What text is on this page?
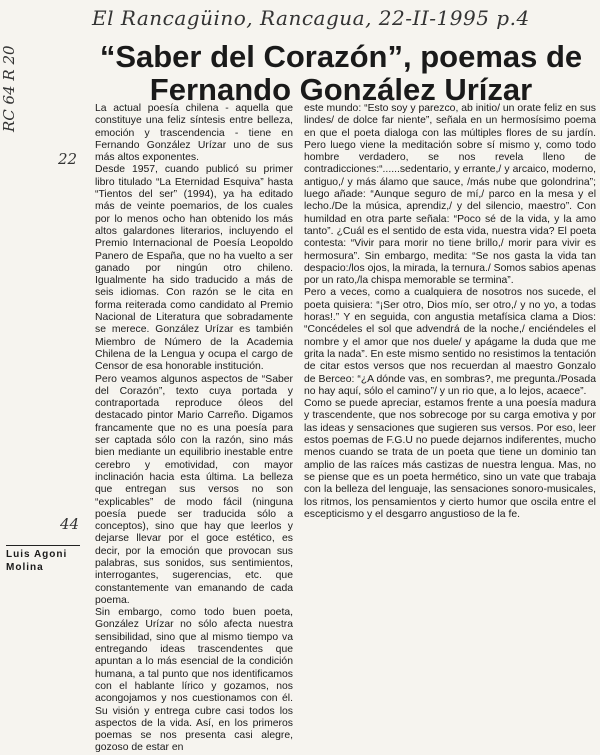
El Rancagüino, Rancagua, 22-II-1995 p.4
RC 64 R 20
22
44
“Saber del Corazón”, poemas de Fernando González Urízar

La actual poesía chilena - aquella que constituye una feliz síntesis entre belleza, emoción y trascendencia - tiene en Fernando González Urízar uno de sus más altos exponentes.

Desde 1957, cuando publicó su primer libro titulado “La Eternidad Esquiva” hasta “Tientos del ser” (1994), ya ha editado más de veinte poemarios, de los cuales por lo menos ocho han obtenido los más altos galardones literarios, incluyendo el Premio Internacional de Poesía Leopoldo Panero de España, que no ha vuelto a ser ganado por ningún otro chileno. Igualmente ha sido traducido a más de seis idiomas. Con razón se le cita en forma reiterada como candidato al Premio Nacional de Literatura que sobradamente se merece. González Urízar es también Miembro de Número de la Academia Chilena de la Lengua y ocupa el cargo de Censor de esa honorable institución.

Pero veamos algunos aspectos de “Saber del Corazón”, texto cuya portada y contraportada reproduce óleos del destacado pintor Mario Carreño. Digamos francamente que no es una poesía para ser captada sólo con la razón, sino más bien mediante un equilibrio inestable entre cerebro y emotividad, con mayor inclinación hacia esta última. La belleza que entregan sus versos no son “explicables” de modo fácil (ninguna poesía puede ser traducida sólo a conceptos), sino que hay que leerlos y dejarse llevar por el goce estético, es decir, por la emoción que provocan sus palabras, sus sonidos, sus sentimientos, interrogantes, sugerencias, etc. que constantemente van emanando de cada poema.

Sin embargo, como todo buen poeta, González Urízar no sólo afecta nuestra sensibilidad, sino que al mismo tiempo va entregando ideas trascendentes que apuntan a lo más esencial de la condición humana, a tal punto que nos identificamos con el hablante lírico y gozamos, nos acongojamos y nos cuestionamos con él. Su visión y entrega cubre casi todos los aspectos de la vida. Así, en los primeros poemas se nos presenta casi alegre, gozoso de estar en

este mundo: “Esto soy y parezco, ab initio/ un orate feliz en sus lindes/ de dolce far niente”, señala en un hermosísimo poema en que el poeta dialoga con las múltiples flores de su jardín. Pero luego viene la meditación sobre sí mismo y, como todo hombre verdadero, se nos revela lleno de contradicciones:“......sedentario, y errante,/ y arcaico, moderno, antiguo,/ y más álamo que sauce, /más nube que golondrina”; luego añade: “Aunque seguro de mí,/ parco en la mesa y el lecho./De la música, aprendiz,/ y del silencio, maestro”. Con humildad en otra parte señala: “Poco sé de la vida, y la amo tanto”. ¿Cuál es el sentido de esta vida, nuestra vida? El poeta contesta: “Vivir para morir no tiene brillo,/ morir para vivir es hermosura”. Sin embargo, medita: “Se nos gasta la vida tan despacio:/los ojos, la mirada, la ternura./ Somos sabios apenas por un rato,/la chispa memorable se termina”.

Pero a veces, como a cualquiera de nosotros nos sucede, el poeta quisiera: “¡Ser otro, Dios mío, ser otro,/ y no yo, a todas horas!.” Y en seguida, con angustia metafísica clama a Dios: “Concédeles el sol que advendrá de la noche,/ enciéndeles el nombre y el amor que nos duele/ y apágame la duda que me grita la nada”. En este mismo sentido no resistimos la tentación de citar estos versos que nos recuerdan al maestro Gonzalo de Berceo: “¿A dónde vas, en sombras?, me pregunta./Posada no hay aquí, sólo el camino”/ y un rio que, a lo lejos, acaece”.

Como se puede apreciar, estamos frente a una poesía madura y trascendente, que nos sobrecoge por su carga emotiva y por las ideas y sensaciones que sugieren sus versos. Por eso, leer estos poemas de F.G.U no puede dejarnos indiferentes, mucho menos cuando se trata de un poeta que tiene un dominio tan amplio de las raíces más castizas de nuestra lengua. Mas, no se piense que es un poeta hermético, sino un vate que trabaja con la belleza del lenguaje, las sensaciones sonoro-musicales, los ritmos, los pensamientos y cierto humor que oscila entre el escepticismo y el desgarro angustioso de la fe.

Luis Agoni
Molina
